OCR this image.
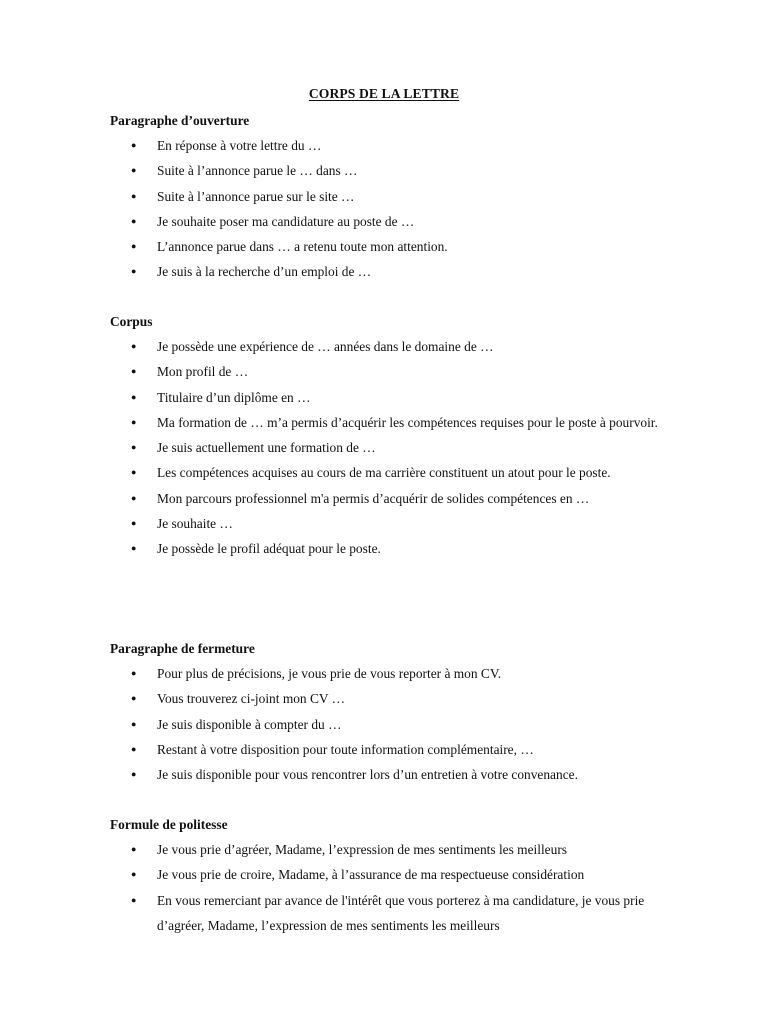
CORPS DE LA LETTRE
Paragraphe d’ouverture
● En réponse à votre lettre du …
● Suite à l’annonce parue le … dans …
● Suite à l’annonce parue sur le site …
● Je souhaite poser ma candidature au poste de …
● L’annonce parue dans … a retenu toute mon attention.
● Je suis à la recherche d’un emploi de …
Corpus
● Je possède une expérience de … années dans le domaine de …
● Mon profil de …
● Titulaire d’un diplôme en …
● Ma formation de … m’a permis d’acquérir les compétences requises pour le poste à pourvoir.
● Je suis actuellement une formation de …
● Les compétences acquises au cours de ma carrière constituent un atout pour le poste.
● Mon parcours professionnel m'a permis d’acquérir de solides compétences en …
● Je souhaite …
● Je possède le profil adéquat pour le poste.
Paragraphe de fermeture
● Pour plus de précisions, je vous prie de vous reporter à mon CV.
● Vous trouverez ci-joint mon CV …
● Je suis disponible à compter du …
● Restant à votre disposition pour toute information complémentaire, …
● Je suis disponible pour vous rencontrer lors d’un entretien à votre convenance.
Formule de politesse
● Je vous prie d’agréer, Madame, l’expression de mes sentiments les meilleurs
● Je vous prie de croire, Madame, à l’assurance de ma respectueuse considération
● En vous remerciant par avance de l'intérêt que vous porterez à ma candidature, je vous prie d’agréer, Madame, l’expression de mes sentiments les meilleurs
